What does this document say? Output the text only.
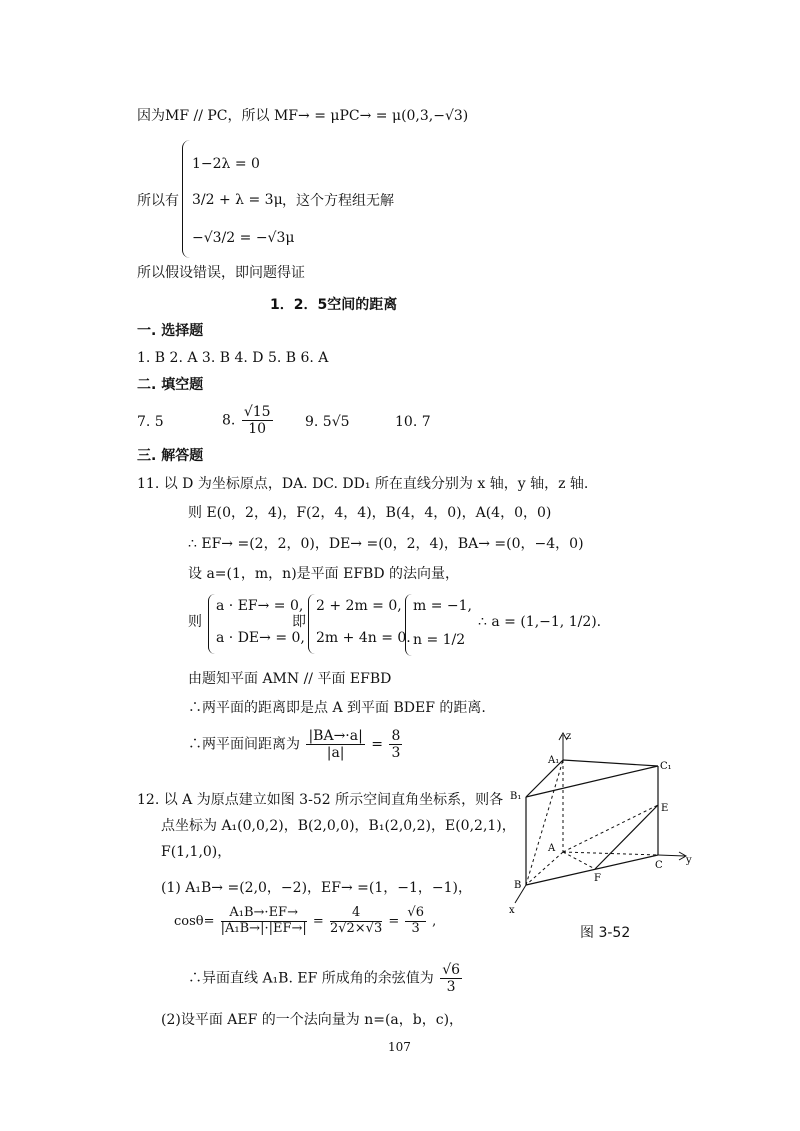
因为MF // PC，所以 MF→ = μPC→ = μ(0,3,−√3)
所以有
1−2λ = 0
3/2 + λ = 3μ
−√3/2 = −√3μ
，这个方程组无解
所以假设错误，即问题得证
1．2．5空间的距离
一. 选择题
1. B 2. A 3. B 4. D 5. B 6. A
二. 填空题
7. 5	8. $\frac{√15}{10} 9$. 5√5	10. 7
三. 解答题
11. 以 D 为坐标原点，DA. DC. DD₁ 所在直线分别为 x 轴，y 轴，z 轴.
则 E(0，2，4)，F(2，4，4)，B(4，4，0)，A(4，0，0)
∴ EF→ =(2，2，0)，DE→ =(0，2，4)，BA→ =(0，−4，0)
设 a=(1，m，n)是平面 EFBD 的法向量，
则
a · EF→ = 0,
a · DE→ = 0,
即
2 + 2m = 0,
2m + 4n = 0.
m = −1,
n = 1/2
∴ a = (1,−1, 1/2).
由题知平面 AMN // 平面 EFBD
∴两平面的距离即是点 A 到平面 BDEF 的距离.
∴两平面间距离为 $\frac{|BA\to\cdot a|}{|a|} = \frac{8}{3}$
12. 以 A 为原点建立如图 3-52 所示空间直角坐标系，则各
点坐标为 A₁(0,0,2)，B(2,0,0)，B₁(2,0,2)，E(0,2,1)，
F(1,1,0)，
(1) A₁B→ =(2,0，−2)，EF→ =(1，−1，−1)，
$\cos\theta= \frac{\text{A₁B→·EF→}}{\text{|A₁B→|·|EF→|}} = \frac{4}{2√2\times√3} = \frac{√6}{3}$ ,
∴异面直线 A₁B. EF 所成角的余弦值为 $\frac{√6}{3}$
(2)设平面 AEF 的一个法向量为 n=(a，b，c)，
z
A₁
C₁
B₁
E
A
C y
F
B
x
图 3-52
107
